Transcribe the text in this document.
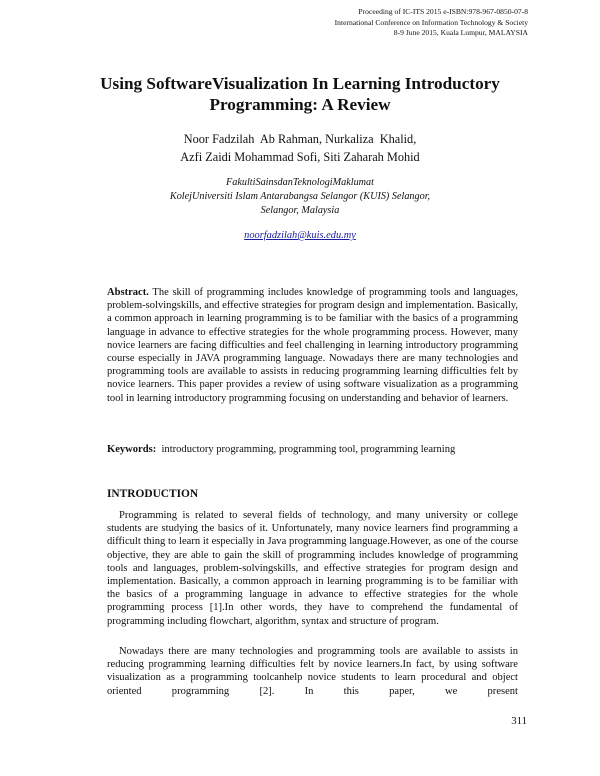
Proceeding of IC-ITS 2015 e-ISBN:978-967-0850-07-8
International Conference on Information Technology & Society
8-9 June 2015, Kuala Lumpur, MALAYSIA
Using SoftwareVisualization In Learning Introductory
Programming: A Review
Noor Fadzilah  Ab Rahman, Nurkaliza  Khalid,
Azfi Zaidi Mohammad Sofi, Siti Zaharah Mohid
FakultiSainsdanTeknologiMaklumat
KolejUniversiti Islam Antarabangsa Selangor (KUIS) Selangor,
Selangor, Malaysia
noorfadzilah@kuis.edu.my
Abstract. The skill of programming includes knowledge of programming tools and languages, problem-solvingskills, and effective strategies for program design and implementation. Basically, a common approach in learning programming is to be familiar with the basics of a programming language in advance to effective strategies for the whole programming process. However, many novice learners are facing difficulties and feel challenging in learning introductory programming course especially in JAVA programming language. Nowadays there are many technologies and programming tools are available to assists in reducing programming learning difficulties felt by novice learners. This paper provides a review of using software visualization as a programming tool in learning introductory programming focusing on understanding and behavior of learners.
Keywords: introductory programming, programming tool, programming learning
INTRODUCTION
Programming is related to several fields of technology, and many university or college students are studying the basics of it. Unfortunately, many novice learners find programming a difficult thing to learn it especially in Java programming language.However, as one of the course objective, they are able to gain the skill of programming includes knowledge of programming tools and languages, problem-solvingskills, and effective strategies for program design and implementation. Basically, a common approach in learning programming is to be familiar with the basics of a programming language in advance to effective strategies for the whole programming process [1].In other words, they have to comprehend the fundamental of programming including flowchart, algorithm, syntax and structure of program.
Nowadays there are many technologies and programming tools are available to assists in reducing programming learning difficulties felt by novice learners.In fact, by using software visualization as a programming toolcanhelp novice students to learn procedural and object oriented programming [2]. In this paper, we present
311
